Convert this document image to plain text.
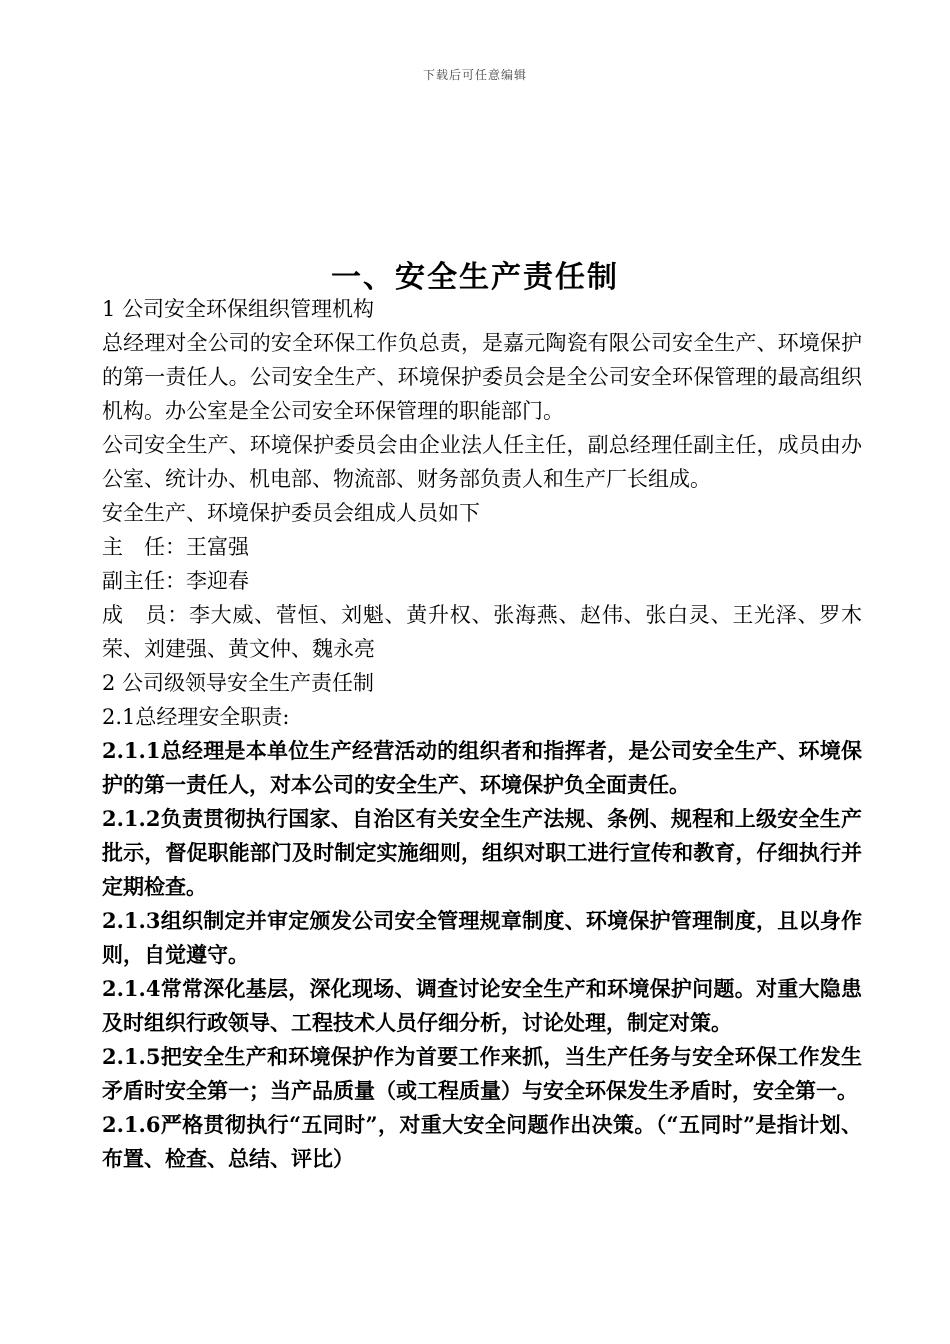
下载后可任意编辑
一、安全生产责任制

1 公司安全环保组织管理机构

总经理对全公司的安全环保工作负总责，是嘉元陶瓷有限公司安全生产、环境保护的第一责任人。公司安全生产、环境保护委员会是全公司安全环保管理的最高组织机构。办公室是全公司安全环保管理的职能部门。

公司安全生产、环境保护委员会由企业法人任主任，副总经理任副主任，成员由办公室、统计办、机电部、物流部、财务部负责人和生产厂长组成。

安全生产、环境保护委员会组成人员如下

主　任：王富强

副主任：李迎春

成　员：李大威、菅恒、刘魁、黄升权、张海燕、赵伟、张白灵、王光泽、罗木荣、刘建强、黄文仲、魏永亮

2 公司级领导安全生产责任制

2.1总经理安全职责:

2.1.1总经理是本单位生产经营活动的组织者和指挥者，是公司安全生产、环境保护的第一责任人，对本公司的安全生产、环境保护负全面责任。

2.1.2负责贯彻执行国家、自治区有关安全生产法规、条例、规程和上级安全生产批示，督促职能部门及时制定实施细则，组织对职工进行宣传和教育，仔细执行并定期检查。

2.1.3组织制定并审定颁发公司安全管理规章制度、环境保护管理制度，且以身作则，自觉遵守。

2.1.4常常深化基层，深化现场、调查讨论安全生产和环境保护问题。对重大隐患及时组织行政领导、工程技术人员仔细分析，讨论处理，制定对策。

2.1.5把安全生产和环境保护作为首要工作来抓，当生产任务与安全环保工作发生矛盾时安全第一；当产品质量（或工程质量）与安全环保发生矛盾时，安全第一。

2.1.6严格贯彻执行“五同时”，对重大安全问题作出决策。（“五同时”是指计划、布置、检查、总结、评比）
